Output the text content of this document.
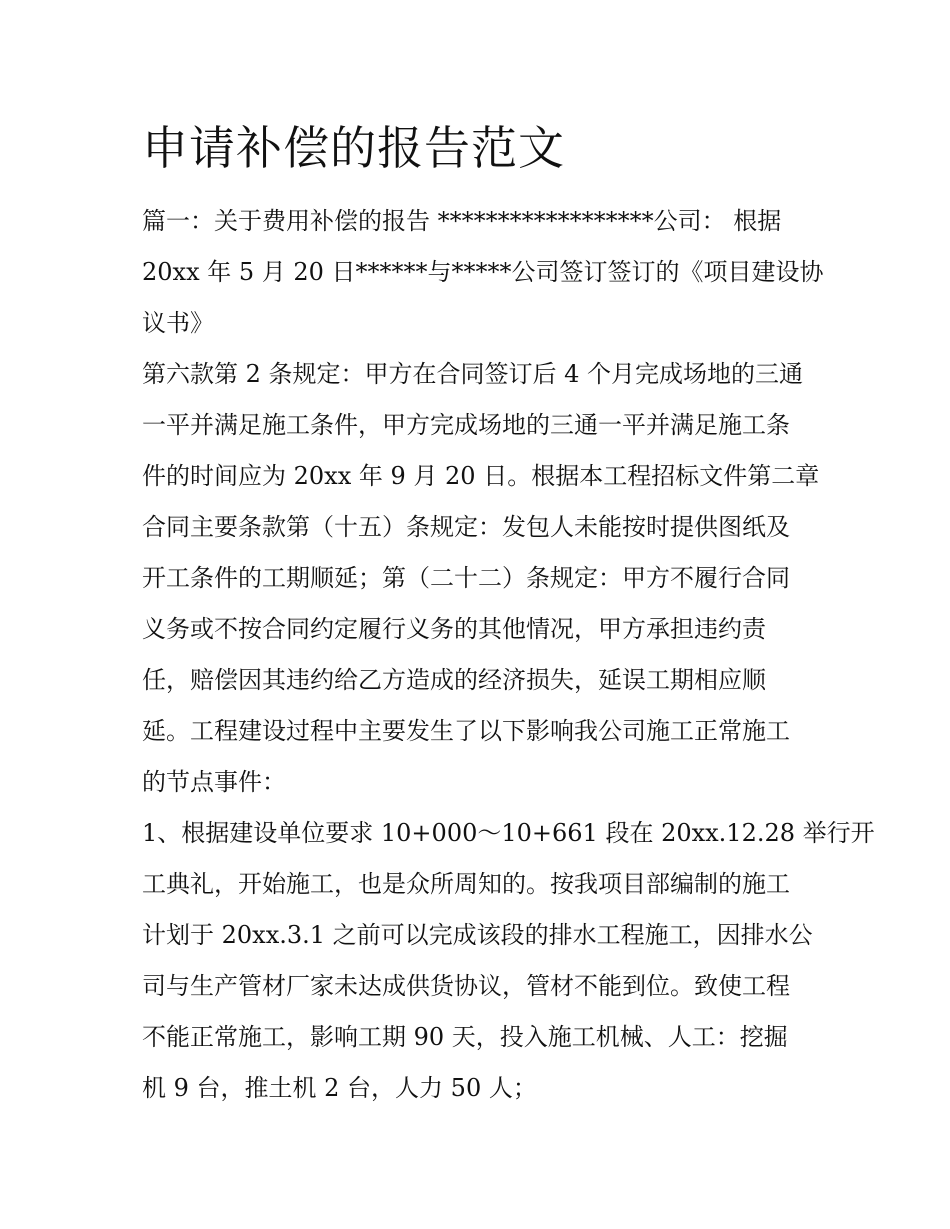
申请补偿的报告范文

篇一：关于费用补偿的报告 ******************公司： 根据

20xx 年 5 月 20 日******与*****公司签订签订的《项目建设协

议书》

第六款第 2 条规定：甲方在合同签订后 4 个月完成场地的三通

一平并满足施工条件，甲方完成场地的三通一平并满足施工条

件的时间应为 20xx 年 9 月 20 日。根据本工程招标文件第二章

合同主要条款第（十五）条规定：发包人未能按时提供图纸及

开工条件的工期顺延；第（二十二）条规定：甲方不履行合同

义务或不按合同约定履行义务的其他情况，甲方承担违约责

任，赔偿因其违约给乙方造成的经济损失，延误工期相应顺

延。工程建设过程中主要发生了以下影响我公司施工正常施工

的节点事件：

1、根据建设单位要求 10+000～10+661 段在 20xx.12.28 举行开

工典礼，开始施工，也是众所周知的。按我项目部编制的施工

计划于 20xx.3.1 之前可以完成该段的排水工程施工，因排水公

司与生产管材厂家未达成供货协议，管材不能到位。致使工程

不能正常施工，影响工期 90 天，投入施工机械、人工：挖掘

机 9 台，推土机 2 台，人力 50 人；
